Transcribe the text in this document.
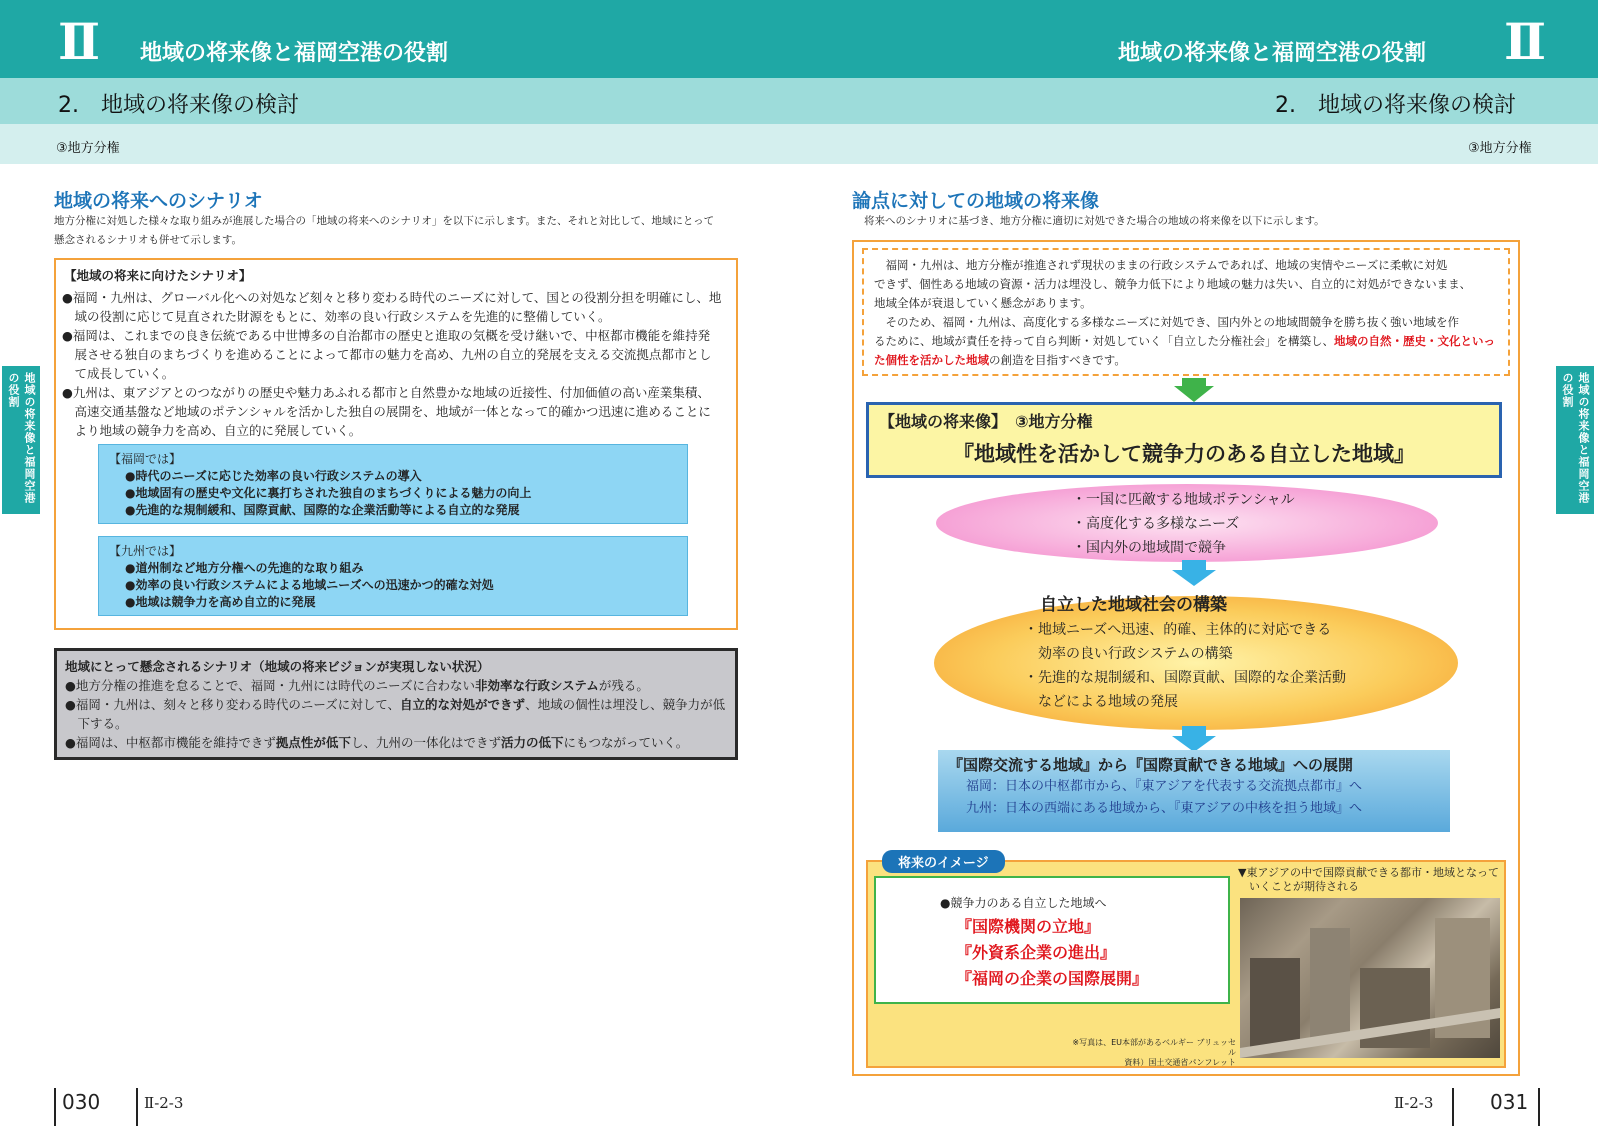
Ⅱ 地域の将来像と福岡空港の役割	地域の将来像と福岡空港の役割 Ⅱ
2.　地域の将来像の検討	2.　地域の将来像の検討
③地方分権	③地方分権
地域の将来像と福岡空港の役割	地域の将来像と福岡空港の役割
地域の将来へのシナリオ
地方分権に対処した様々な取り組みが進展した場合の「地域の将来へのシナリオ」を以下に示します。また、それと対比して、地域にとって
懸念されるシナリオも併せて示します。
【地域の将来に向けたシナリオ】
●福岡・九州は、グローバル化への対処など刻々と移り変わる時代のニーズに対して、国との役割分担を明確にし、地
　域の役割に応じて見直された財源をもとに、効率の良い行政システムを先進的に整備していく。
●福岡は、これまでの良き伝統である中世博多の自治都市の歴史と進取の気概を受け継いで、中枢都市機能を維持発
　展させる独自のまちづくりを進めることによって都市の魅力を高め、九州の自立的発展を支える交流拠点都市とし
　て成長していく。
●九州は、東アジアとのつながりの歴史や魅力あふれる都市と自然豊かな地域の近接性、付加価値の高い産業集積、
　高速交通基盤など地域のポテンシャルを活かした独自の展開を、地域が一体となって的確かつ迅速に進めることに
　より地域の競争力を高め、自立的に発展していく。
【福岡では】
●時代のニーズに応じた効率の良い行政システムの導入
●地域固有の歴史や文化に裏打ちされた独自のまちづくりによる魅力の向上
●先進的な規制緩和、国際貢献、国際的な企業活動等による自立的な発展
【九州では】
●道州制など地方分権への先進的な取り組み
●効率の良い行政システムによる地域ニーズへの迅速かつ的確な対処
●地域は競争力を高め自立的に発展
地域にとって懸念されるシナリオ（地域の将来ビジョンが実現しない状況）
●地方分権の推進を怠ることで、福岡・九州には時代のニーズに合わない非効率な行政システムが残る。
●福岡・九州は、刻々と移り変わる時代のニーズに対して、自立的な対処ができず、地域の個性は埋没し、競争力が低
　下する。
●福岡は、中枢都市機能を維持できず拠点性が低下し、九州の一体化はできず活力の低下にもつながっていく。
030	Ⅱ-2-3
論点に対しての地域の将来像
将来へのシナリオに基づき、地方分権に適切に対処できた場合の地域の将来像を以下に示します。
　福岡・九州は、地方分権が推進されず現状のままの行政システムであれば、地域の実情やニーズに柔軟に対処
できず、個性ある地域の資源・活力は埋没し、競争力低下により地域の魅力は失い、自立的に対処ができないまま、
地域全体が衰退していく懸念があります。
　そのため、福岡・九州は、高度化する多様なニーズに対処でき、国内外との地域間競争を勝ち抜く強い地域を作
るために、地域が責任を持って自ら判断・対処していく「自立した分権社会」を構築し、地域の自然・歴史・文化といっ
た個性を活かした地域の創造を目指すべきです。
【地域の将来像】　③地方分権
『地域性を活かして競争力のある自立した地域』
・一国に匹敵する地域ポテンシャル
・高度化する多様なニーズ
・国内外の地域間で競争
自立した地域社会の構築
・地域ニーズへ迅速、的確、主体的に対応できる
　効率の良い行政システムの構築
・先進的な規制緩和、国際貢献、国際的な企業活動
　などによる地域の発展
『国際交流する地域』から『国際貢献できる地域』への展開
福岡：日本の中枢都市から、『東アジアを代表する交流拠点都市』へ
九州：日本の西端にある地域から、『東アジアの中核を担う地域』へ
将来のイメージ
●競争力のある自立した地域へ
『国際機関の立地』
『外資系企業の進出』
『福岡の企業の国際展開』
▼東アジアの中で国際貢献できる都市・地域となって
　いくことが期待される
※写真は、EU本部があるベルギー ブリュッセル
資料）国土交通省パンフレット
Ⅱ-2-3	031
